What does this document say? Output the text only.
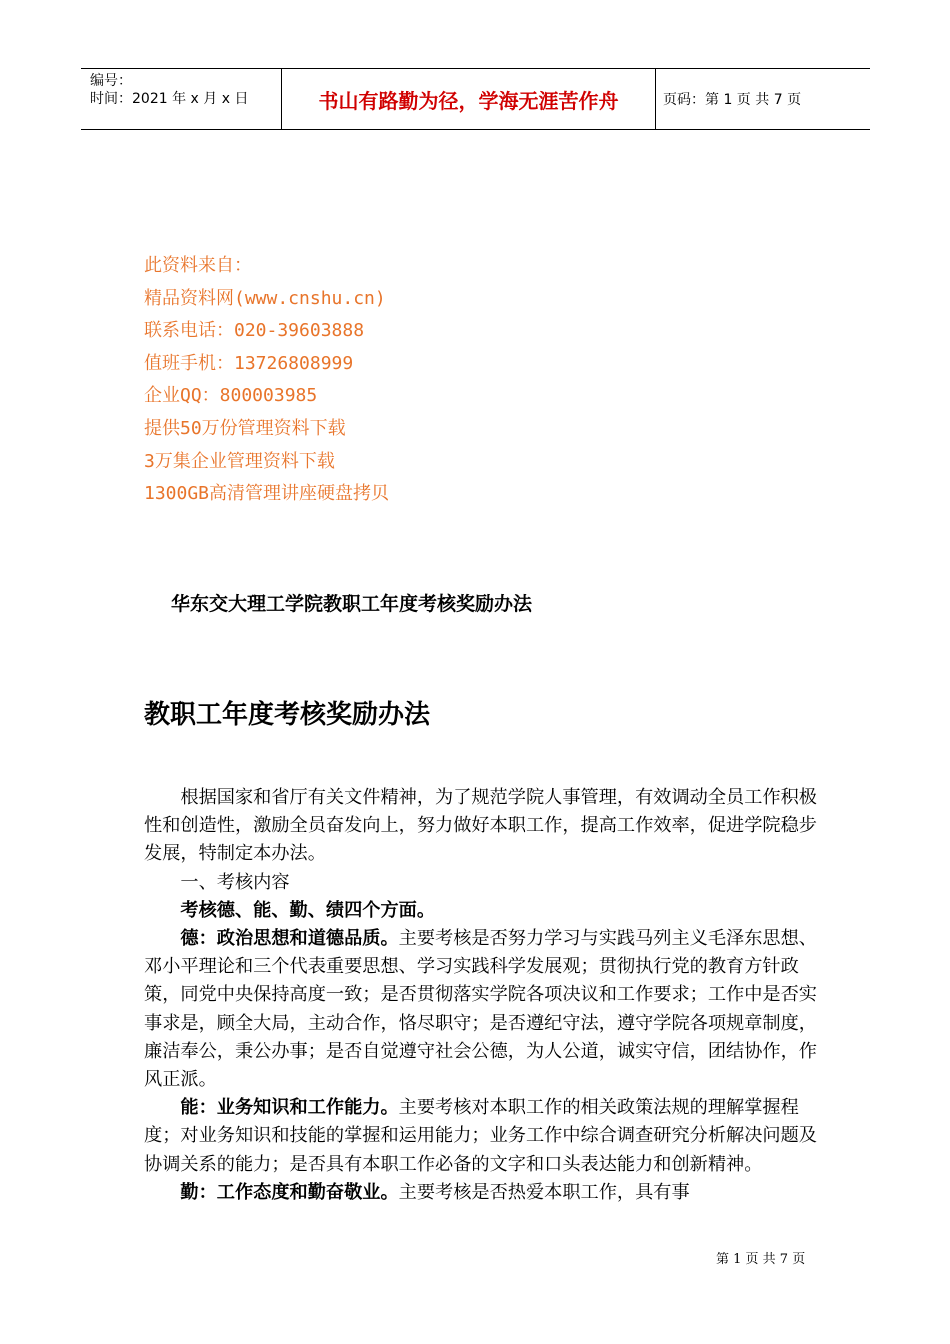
编号：
时间：2021 年 x 月 x 日	书山有路勤为径，学海无涯苦作舟	页码：第 1 页 共 7 页
此资料来自：
精品资料网(www.cnshu.cn)
联系电话：020-39603888
值班手机：13726808999
企业QQ：800003985
提供50万份管理资料下载
3万集企业管理资料下载
1300GB高清管理讲座硬盘拷贝
华东交大理工学院教职工年度考核奖励办法
教职工年度考核奖励办法

根据国家和省厅有关文件精神，为了规范学院人事管理，有效调动全员工作积极性和创造性，激励全员奋发向上，努力做好本职工作，提高工作效率，促进学院稳步发展，特制定本办法。

一、考核内容

考核德、能、勤、绩四个方面。

德：政治思想和道德品质。主要考核是否努力学习与实践马列主义毛泽东思想、邓小平理论和三个代表重要思想、学习实践科学发展观；贯彻执行党的教育方针政策，同党中央保持高度一致；是否贯彻落实学院各项决议和工作要求；工作中是否实事求是，顾全大局，主动合作，恪尽职守；是否遵纪守法，遵守学院各项规章制度，廉洁奉公，秉公办事；是否自觉遵守社会公德，为人公道，诚实守信，团结协作，作风正派。

能：业务知识和工作能力。主要考核对本职工作的相关政策法规的理解掌握程度；对业务知识和技能的掌握和运用能力；业务工作中综合调查研究分析解决问题及协调关系的能力；是否具有本职工作必备的文字和口头表达能力和创新精神。

勤：工作态度和勤奋敬业。主要考核是否热爱本职工作，具有事

第 1 页 共 7 页
